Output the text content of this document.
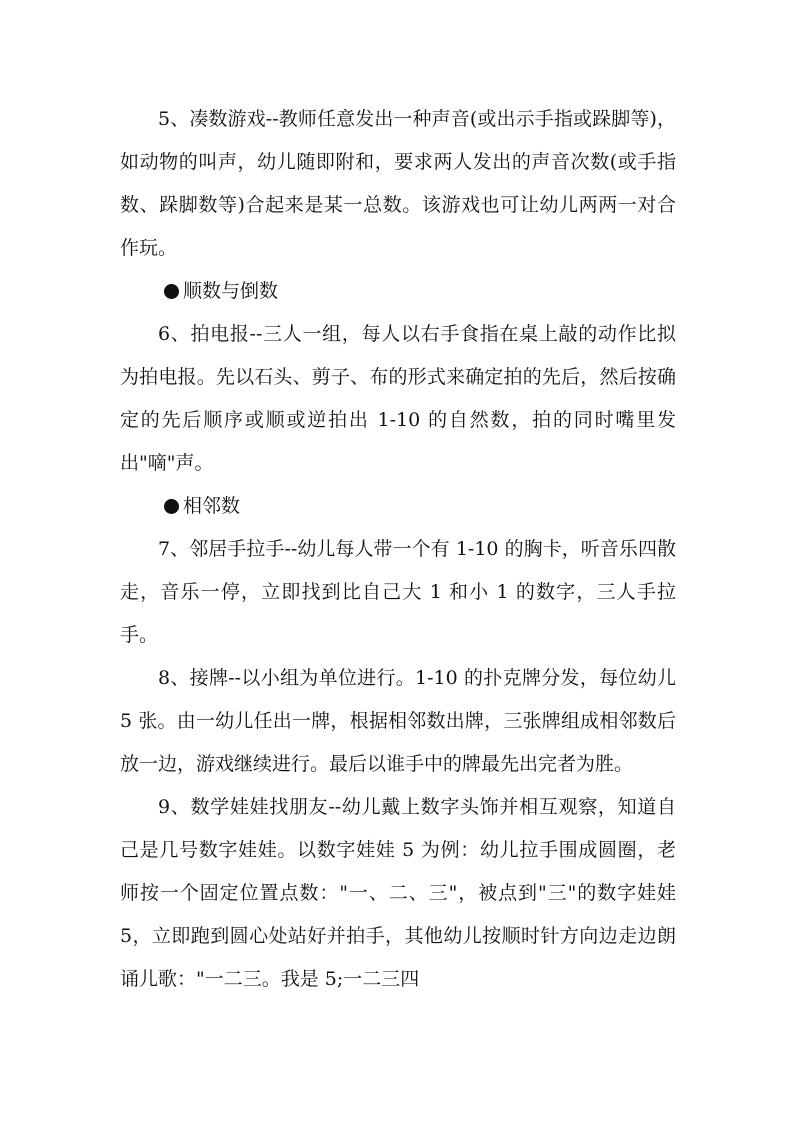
5、凑数游戏--教师任意发出一种声音(或出示手指或跺脚等)，如动物的叫声，幼儿随即附和，要求两人发出的声音次数(或手指数、跺脚数等)合起来是某一总数。该游戏也可让幼儿两两一对合作玩。

顺数与倒数

6、拍电报--三人一组，每人以右手食指在桌上敲的动作比拟为拍电报。先以石头、剪子、布的形式来确定拍的先后，然后按确定的先后顺序或顺或逆拍出 1-10 的自然数，拍的同时嘴里发出"嘀"声。

相邻数

7、邻居手拉手--幼儿每人带一个有 1-10 的胸卡，听音乐四散走，音乐一停，立即找到比自己大 1 和小 1 的数字，三人手拉手。

8、接牌--以小组为单位进行。1-10 的扑克牌分发，每位幼儿 5 张。由一幼儿任出一牌，根据相邻数出牌，三张牌组成相邻数后放一边，游戏继续进行。最后以谁手中的牌最先出完者为胜。

9、数学娃娃找朋友--幼儿戴上数字头饰并相互观察，知道自己是几号数字娃娃。以数字娃娃 5 为例：幼儿拉手围成圆圈，老师按一个固定位置点数："一、二、三"，被点到"三"的数字娃娃 5，立即跑到圆心处站好并拍手，其他幼儿按顺时针方向边走边朗诵儿歌："一二三。我是 5;一二三四
